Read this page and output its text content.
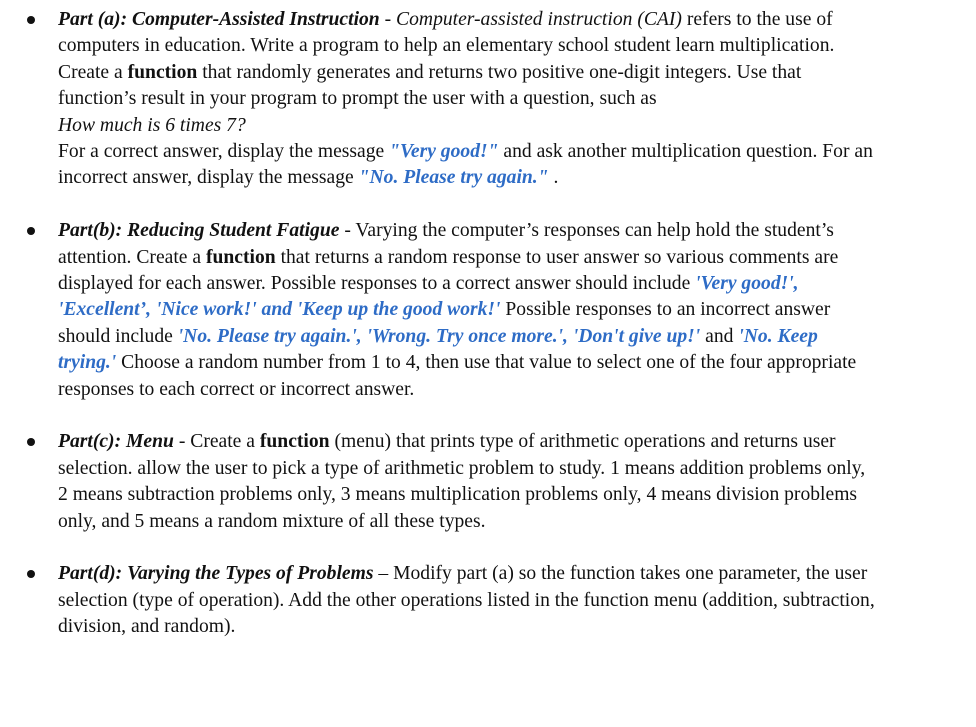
Part (a): Computer-Assisted Instruction - Computer-assisted instruction (CAI) refers to the use of computers in education. Write a program to help an elementary school student learn multiplication. Create a function that randomly generates and returns two positive one-digit integers. Use that function’s result in your program to prompt the user with a question, such as
How much is 6 times 7?
For a correct answer, display the message "Very good!" and ask another multiplication question. For an incorrect answer, display the message "No. Please try again." .
Part(b): Reducing Student Fatigue - Varying the computer’s responses can help hold the student’s attention. Create a function that returns a random response to user answer so various comments are displayed for each answer. Possible responses to a correct answer should include 'Very good!', 'Excellent’, 'Nice work!' and 'Keep up the good work!' Possible responses to an incorrect answer should include 'No. Please try again.', 'Wrong. Try once more.', 'Don't give up!' and 'No. Keep trying.' Choose a random number from 1 to 4, then use that value to select one of the four appropriate responses to each correct or incorrect answer.
Part(c): Menu - Create a function (menu) that prints type of arithmetic operations and returns user selection. allow the user to pick a type of arithmetic problem to study. 1 means addition problems only, 2 means subtraction problems only, 3 means multiplication problems only, 4 means division problems only, and 5 means a random mixture of all these types.
Part(d): Varying the Types of Problems – Modify part (a) so the function takes one parameter, the user selection (type of operation). Add the other operations listed in the function menu (addition, subtraction, division, and random).
